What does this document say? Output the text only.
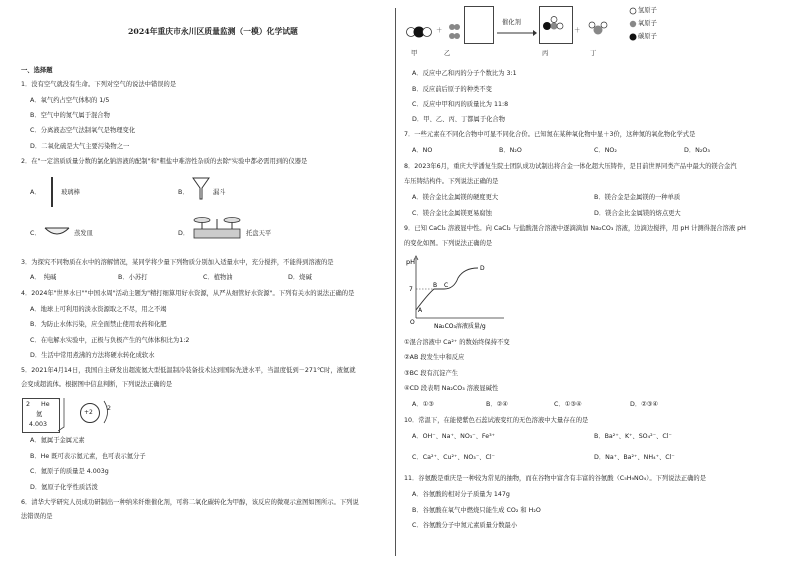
2024年重庆市永川区质量监测（一模）化学试题
一、选择题
1．没有空气就没有生命。下列对空气的说法中错误的是
A．氧气约占空气体积的 1/5
B．空气中的氮气属于混合物
C．分离液态空气法制氧气是物理变化
D．二氧化硫是大气主要污染物之一
2．在"一定溶质质量分数的氯化钠溶液的配制"和"粗盐中难溶性杂质的去除"实验中都必需用到的仪器是
A．	玻璃棒	B．	漏斗
C．	蒸发皿	D．	托盘天平
3．为探究不同物质在水中的溶解情况，某同学将少量下列物质分别加入适量水中，充分搅拌，不能得到溶液的是
A．　纯碱	B．小苏打	C．植物油	D．烧碱
4．2024年"世界水日""中国水周"活动主题为"精打细算用好水资源，从严从细管好水资源"。下列有关水的说法正确的是
A．地球上可利用的淡水资源取之不尽，用之不竭
B．为防止水体污染，应全面禁止使用农药和化肥
C．在电解水实验中，正极与负极产生的气体体积比为1:2
D．生活中常用煮沸的方法将硬水转化成软水
5．2021年4月14日，我国自主研发出超流氦大型低温制冷装备技术达到国际先进水平，当温度低到－271℃时，液氦就
会变成超流体。根据图中信息判断，下列说法正确的是
2 He
氦
4.003
+2
2
A．氦属于金属元素
B．He 既可表示氦元素，也可表示氦分子
C．氦原子的质量是 4.003g
D．氦原子化学性质活泼
6．清华大学研究人员成功研制出一种纳米纤维催化剂，可将二氧化碳转化为甲醇，该反应的微观示意图如图所示。下列说
法错误的是
＋
催化剂
＋
甲	乙	丙	丁
氢原子
氧原子
碳原子
A．反应中乙和丙的分子个数比为 3:1
B．反应前后原子的种类不变
C．反应中甲和丙的质量比为 11:8
D．甲、乙、丙、丁都属于化合物
7．一些元素在不同化合物中可显不同化合价。已知氮在某种氧化物中显＋3价，这种氮的氧化物化学式是
A．NO	B．N₂O	C．NO₂	D．N₂O₃
8．2023年6月，重庆大学潘复生院士团队成功试制出将合金一体化超大压铸件，是目前世界同类产品中最大的镁合金汽
车压铸结构件。下列说法正确的是
A．镁合金比金属镁的硬度更大	B．镁合金是金属镁的一种单质
C．镁合金比金属镁更易腐蚀	D．镁合金比金属镁的熔点更大
9．已知 CaCl₂ 溶液显中性。向 CaCl₂ 与盐酸混合溶液中逐滴滴加 Na₂CO₃ 溶液，边滴边搅拌，用 pH 计测得混合溶液 pH
的变化如图。下列说法正确的是
pH
7
O
A
B C
D
Na₂CO₃溶液质量/g
①混合溶液中 Ca²⁺ 的数始终保持不变
②AB 段发生中和反应
③BC 段有沉淀产生
④CD 段表明 Na₂CO₃ 溶液显碱性
A．①③	B．②④	C．①③④	D．②③④
10．常温下，在能使紫色石蕊试液变红的无色溶液中大量存在的是
A．OH⁻、Na⁺、NO₃⁻、Fe³⁺	B．Ba²⁺、K⁺、SO₄²⁻、Cl⁻
C．Ca²⁺、Cu²⁺、NO₃⁻、Cl⁻	D．Na⁺、Ba²⁺、NH₄⁺、Cl⁻
11．谷氨酸是重庆是一种较为常见的抽物，而在谷物中富含有丰富的谷氨酸（C₅H₉NO₄）。下列说法正确的是
A．谷氨酸的相对分子质量为 147g
B．谷氨酸在氧气中燃烧只能生成 CO₂ 和 H₂O
C．谷氨酸分子中氮元素质量分数最小
